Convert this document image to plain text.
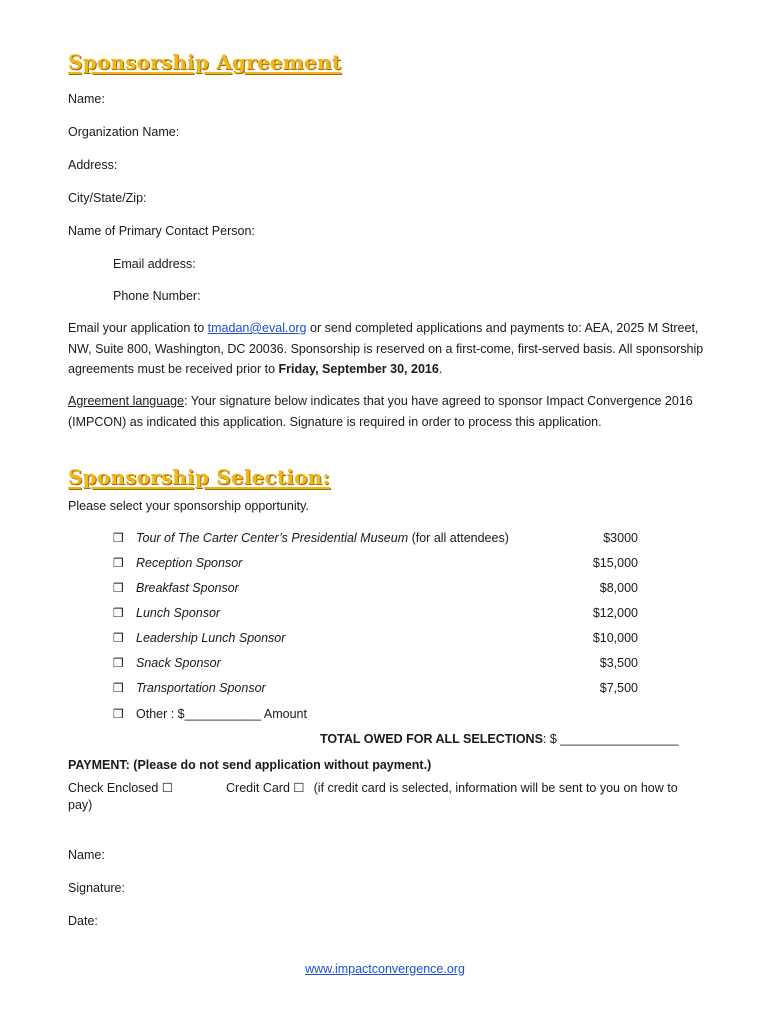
Sponsorship Agreement
Name:
Organization Name:
Address:
City/State/Zip:
Name of Primary Contact Person:
Email address:
Phone Number:
Email your application to tmadan@eval.org or send completed applications and payments to: AEA, 2025 M Street, NW, Suite 800, Washington, DC 20036. Sponsorship is reserved on a first-come, first-served basis. All sponsorship agreements must be received prior to Friday, September 30, 2016.
Agreement language: Your signature below indicates that you have agreed to sponsor Impact Convergence 2016 (IMPCON) as indicated this application. Signature is required in order to process this application.
Sponsorship Selection:
Please select your sponsorship opportunity.
❒ Tour of The Carter Center’s Presidential Museum (for all attendees)	$3000
❒ Reception Sponsor	$15,000
❒ Breakfast Sponsor	$8,000
❒ Lunch Sponsor	$12,000
❒ Leadership Lunch Sponsor	$10,000
❒ Snack Sponsor	$3,500
❒ Transportation Sponsor	$7,500
❒ Other : $___________ Amount
TOTAL OWED FOR ALL SELECTIONS: $ _________________
PAYMENT: (Please do not send application without payment.)
Check Enclosed ☐	Credit Card ☐ (if credit card is selected, information will be sent to you on how to
pay)
Name:
Signature:
Date:
www.impactconvergence.org
